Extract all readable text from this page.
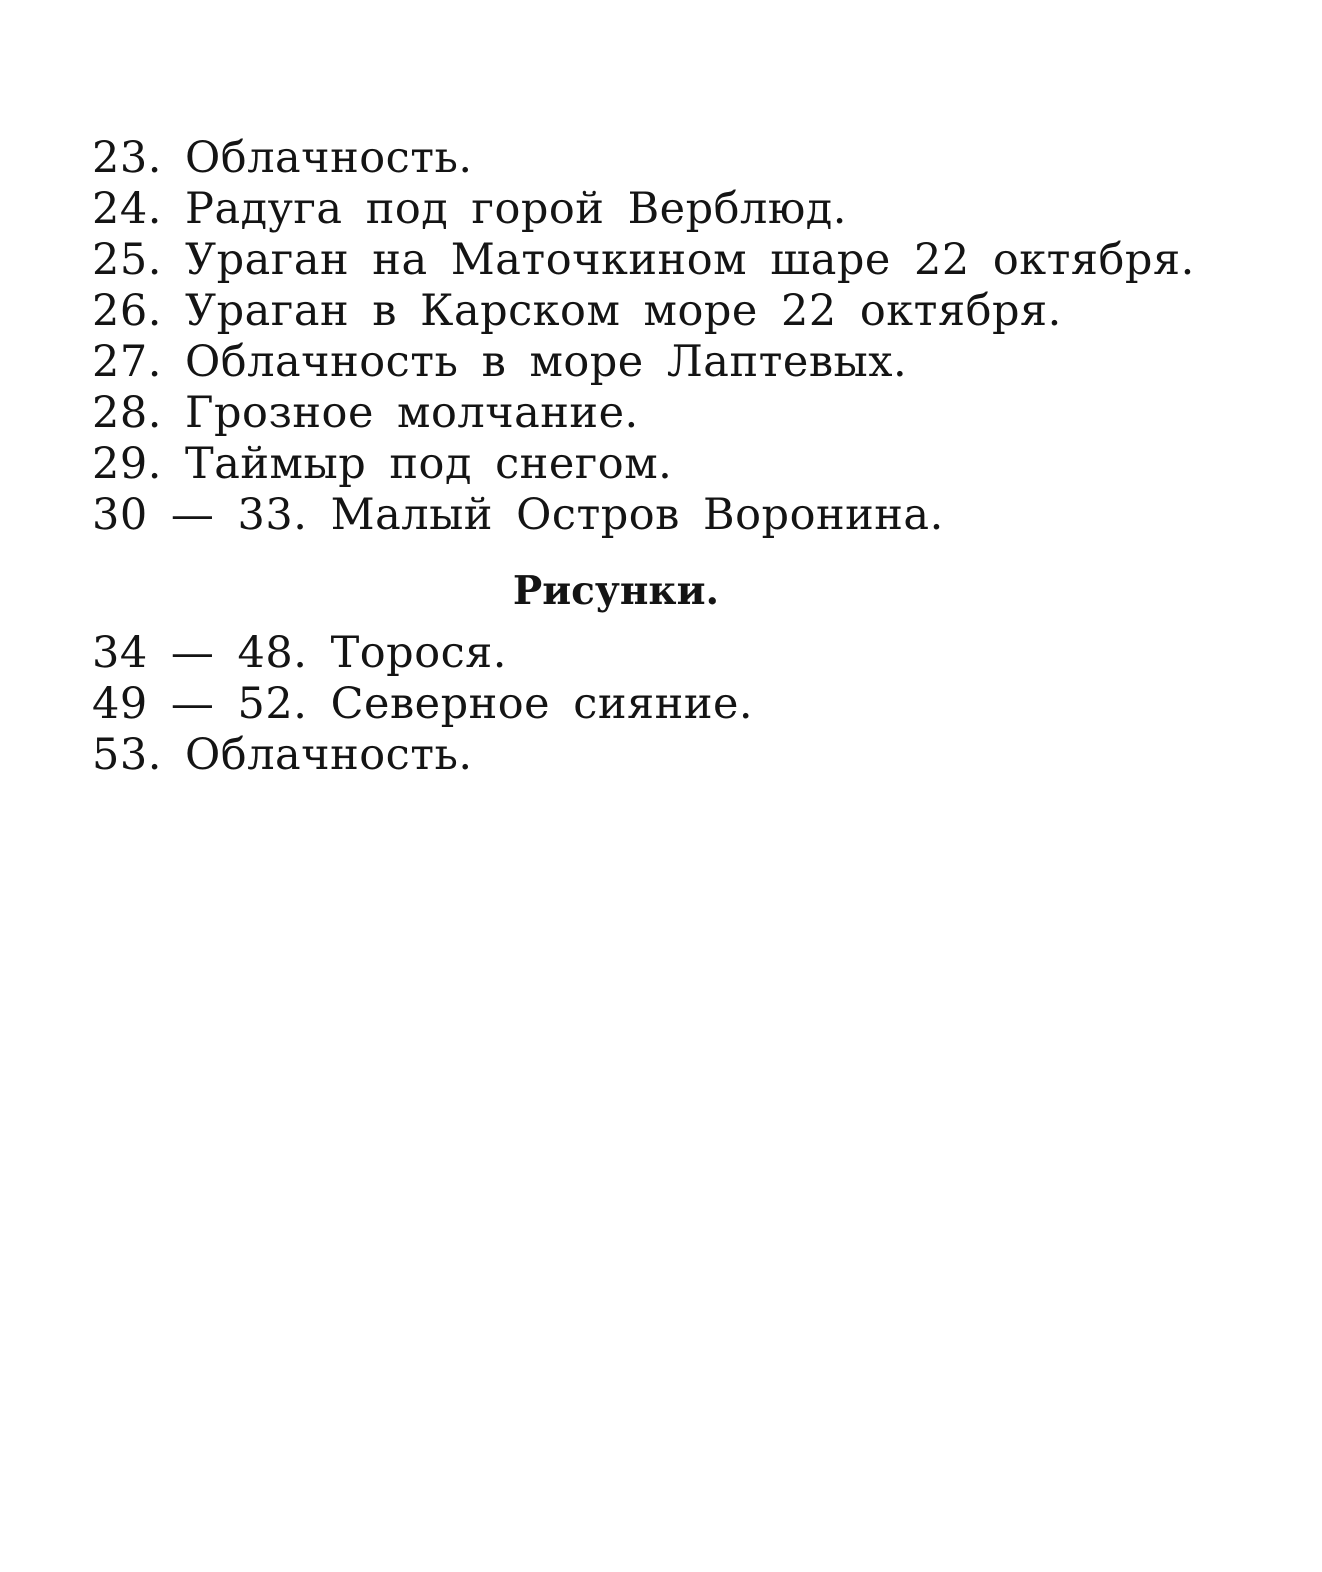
23. Облачность.
24. Радуга под горой Верблюд.
25. Ураган на Маточкином шаре 22 октября.
26. Ураган в Карском море 22 октября.
27. Облачность в море Лаптевых.
28. Грозное молчание.
29. Таймыр под снегом.
30 — 33. Малый Остров Воронина.
Рисунки.
34 — 48. Торося.
49 — 52. Северное сияние.
53. Облачность.
